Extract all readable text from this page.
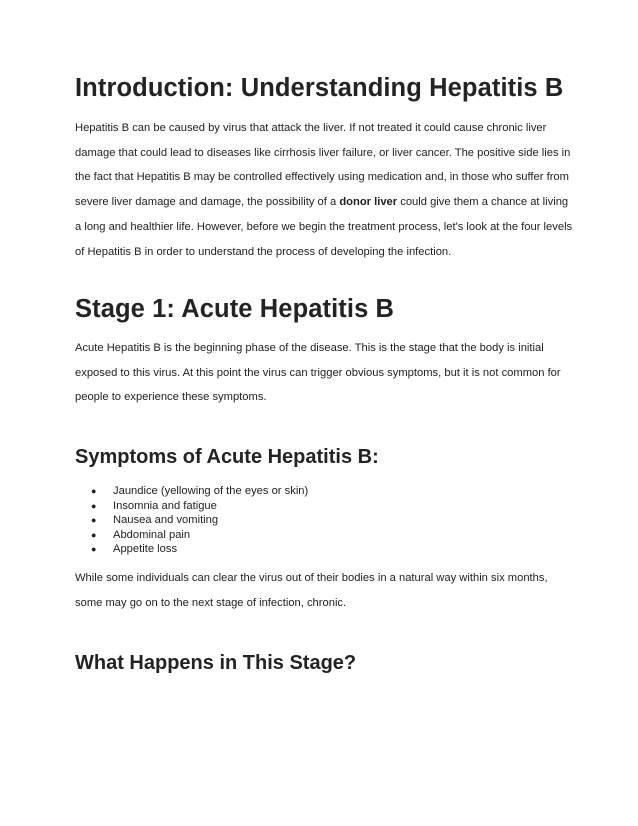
Introduction: Understanding Hepatitis B
Hepatitis B can be caused by virus that attack the liver. If not treated it could cause chronic liver
damage that could lead to diseases like cirrhosis liver failure, or liver cancer. The positive side lies in
the fact that Hepatitis B may be controlled effectively using medication and, in those who suffer from
severe liver damage and damage, the possibility of a donor liver could give them a chance at living
a long and healthier life. However, before we begin the treatment process, let's look at the four levels
of Hepatitis B in order to understand the process of developing the infection.
Stage 1: Acute Hepatitis B
Acute Hepatitis B is the beginning phase of the disease. This is the stage that the body is initial
exposed to this virus. At this point the virus can trigger obvious symptoms, but it is not common for
people to experience these symptoms.
Symptoms of Acute Hepatitis B:
● Jaundice (yellowing of the eyes or skin)
● Insomnia and fatigue
● Nausea and vomiting
● Abdominal pain
● Appetite loss
While some individuals can clear the virus out of their bodies in a natural way within six months,
some may go on to the next stage of infection, chronic.
What Happens in This Stage?
